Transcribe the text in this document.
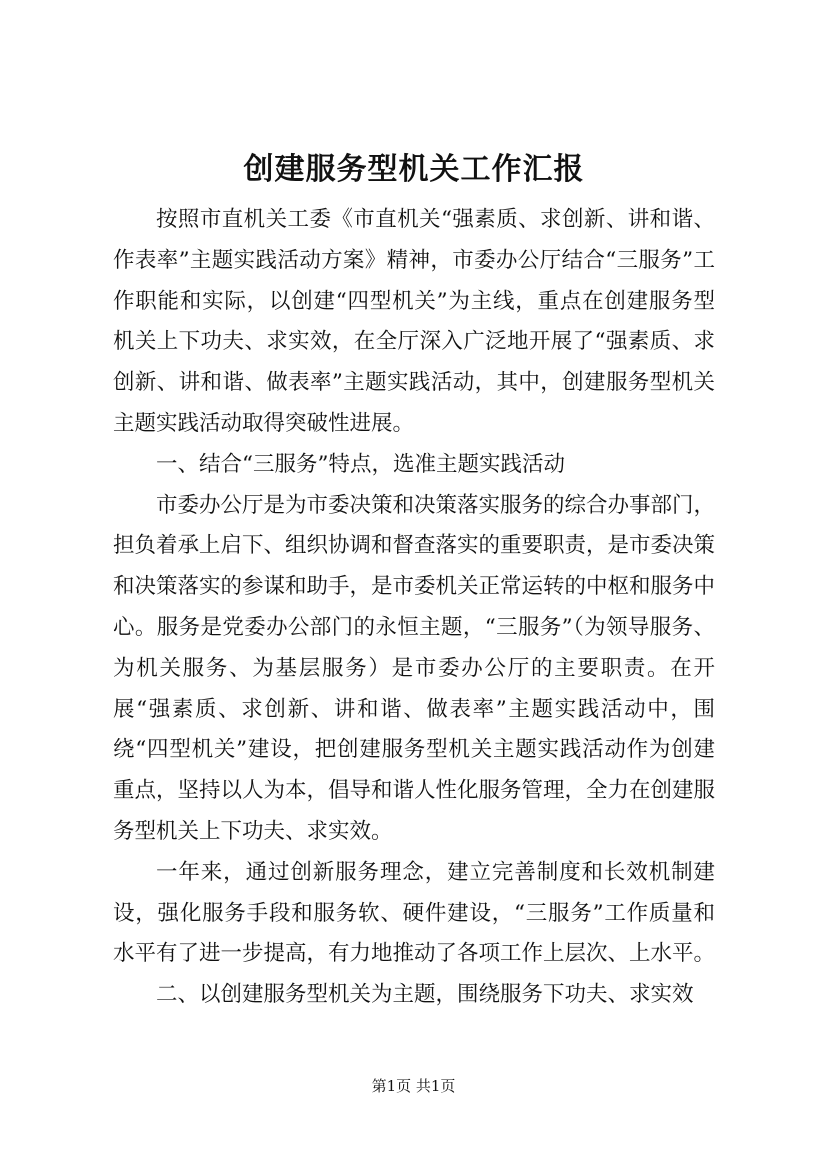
创建服务型机关工作汇报

按照市直机关工委《市直机关“强素质、求创新、讲和谐、作表率”主题实践活动方案》精神，市委办公厅结合“三服务”工作职能和实际，以创建“四型机关”为主线，重点在创建服务型机关上下功夫、求实效，在全厅深入广泛地开展了“强素质、求创新、讲和谐、做表率”主题实践活动，其中，创建服务型机关主题实践活动取得突破性进展。

一、结合“三服务”特点，选准主题实践活动

市委办公厅是为市委决策和决策落实服务的综合办事部门，担负着承上启下、组织协调和督查落实的重要职责，是市委决策和决策落实的参谋和助手，是市委机关正常运转的中枢和服务中心。服务是党委办公部门的永恒主题，“三服务”（为领导服务、为机关服务、为基层服务）是市委办公厅的主要职责。在开展“强素质、求创新、讲和谐、做表率”主题实践活动中，围绕“四型机关”建设，把创建服务型机关主题实践活动作为创建重点，坚持以人为本，倡导和谐人性化服务管理，全力在创建服务型机关上下功夫、求实效。

一年来，通过创新服务理念，建立完善制度和长效机制建设，强化服务手段和服务软、硬件建设，“三服务”工作质量和水平有了进一步提高，有力地推动了各项工作上层次、上水平。

二、以创建服务型机关为主题，围绕服务下功夫、求实效

第1页 共1页
